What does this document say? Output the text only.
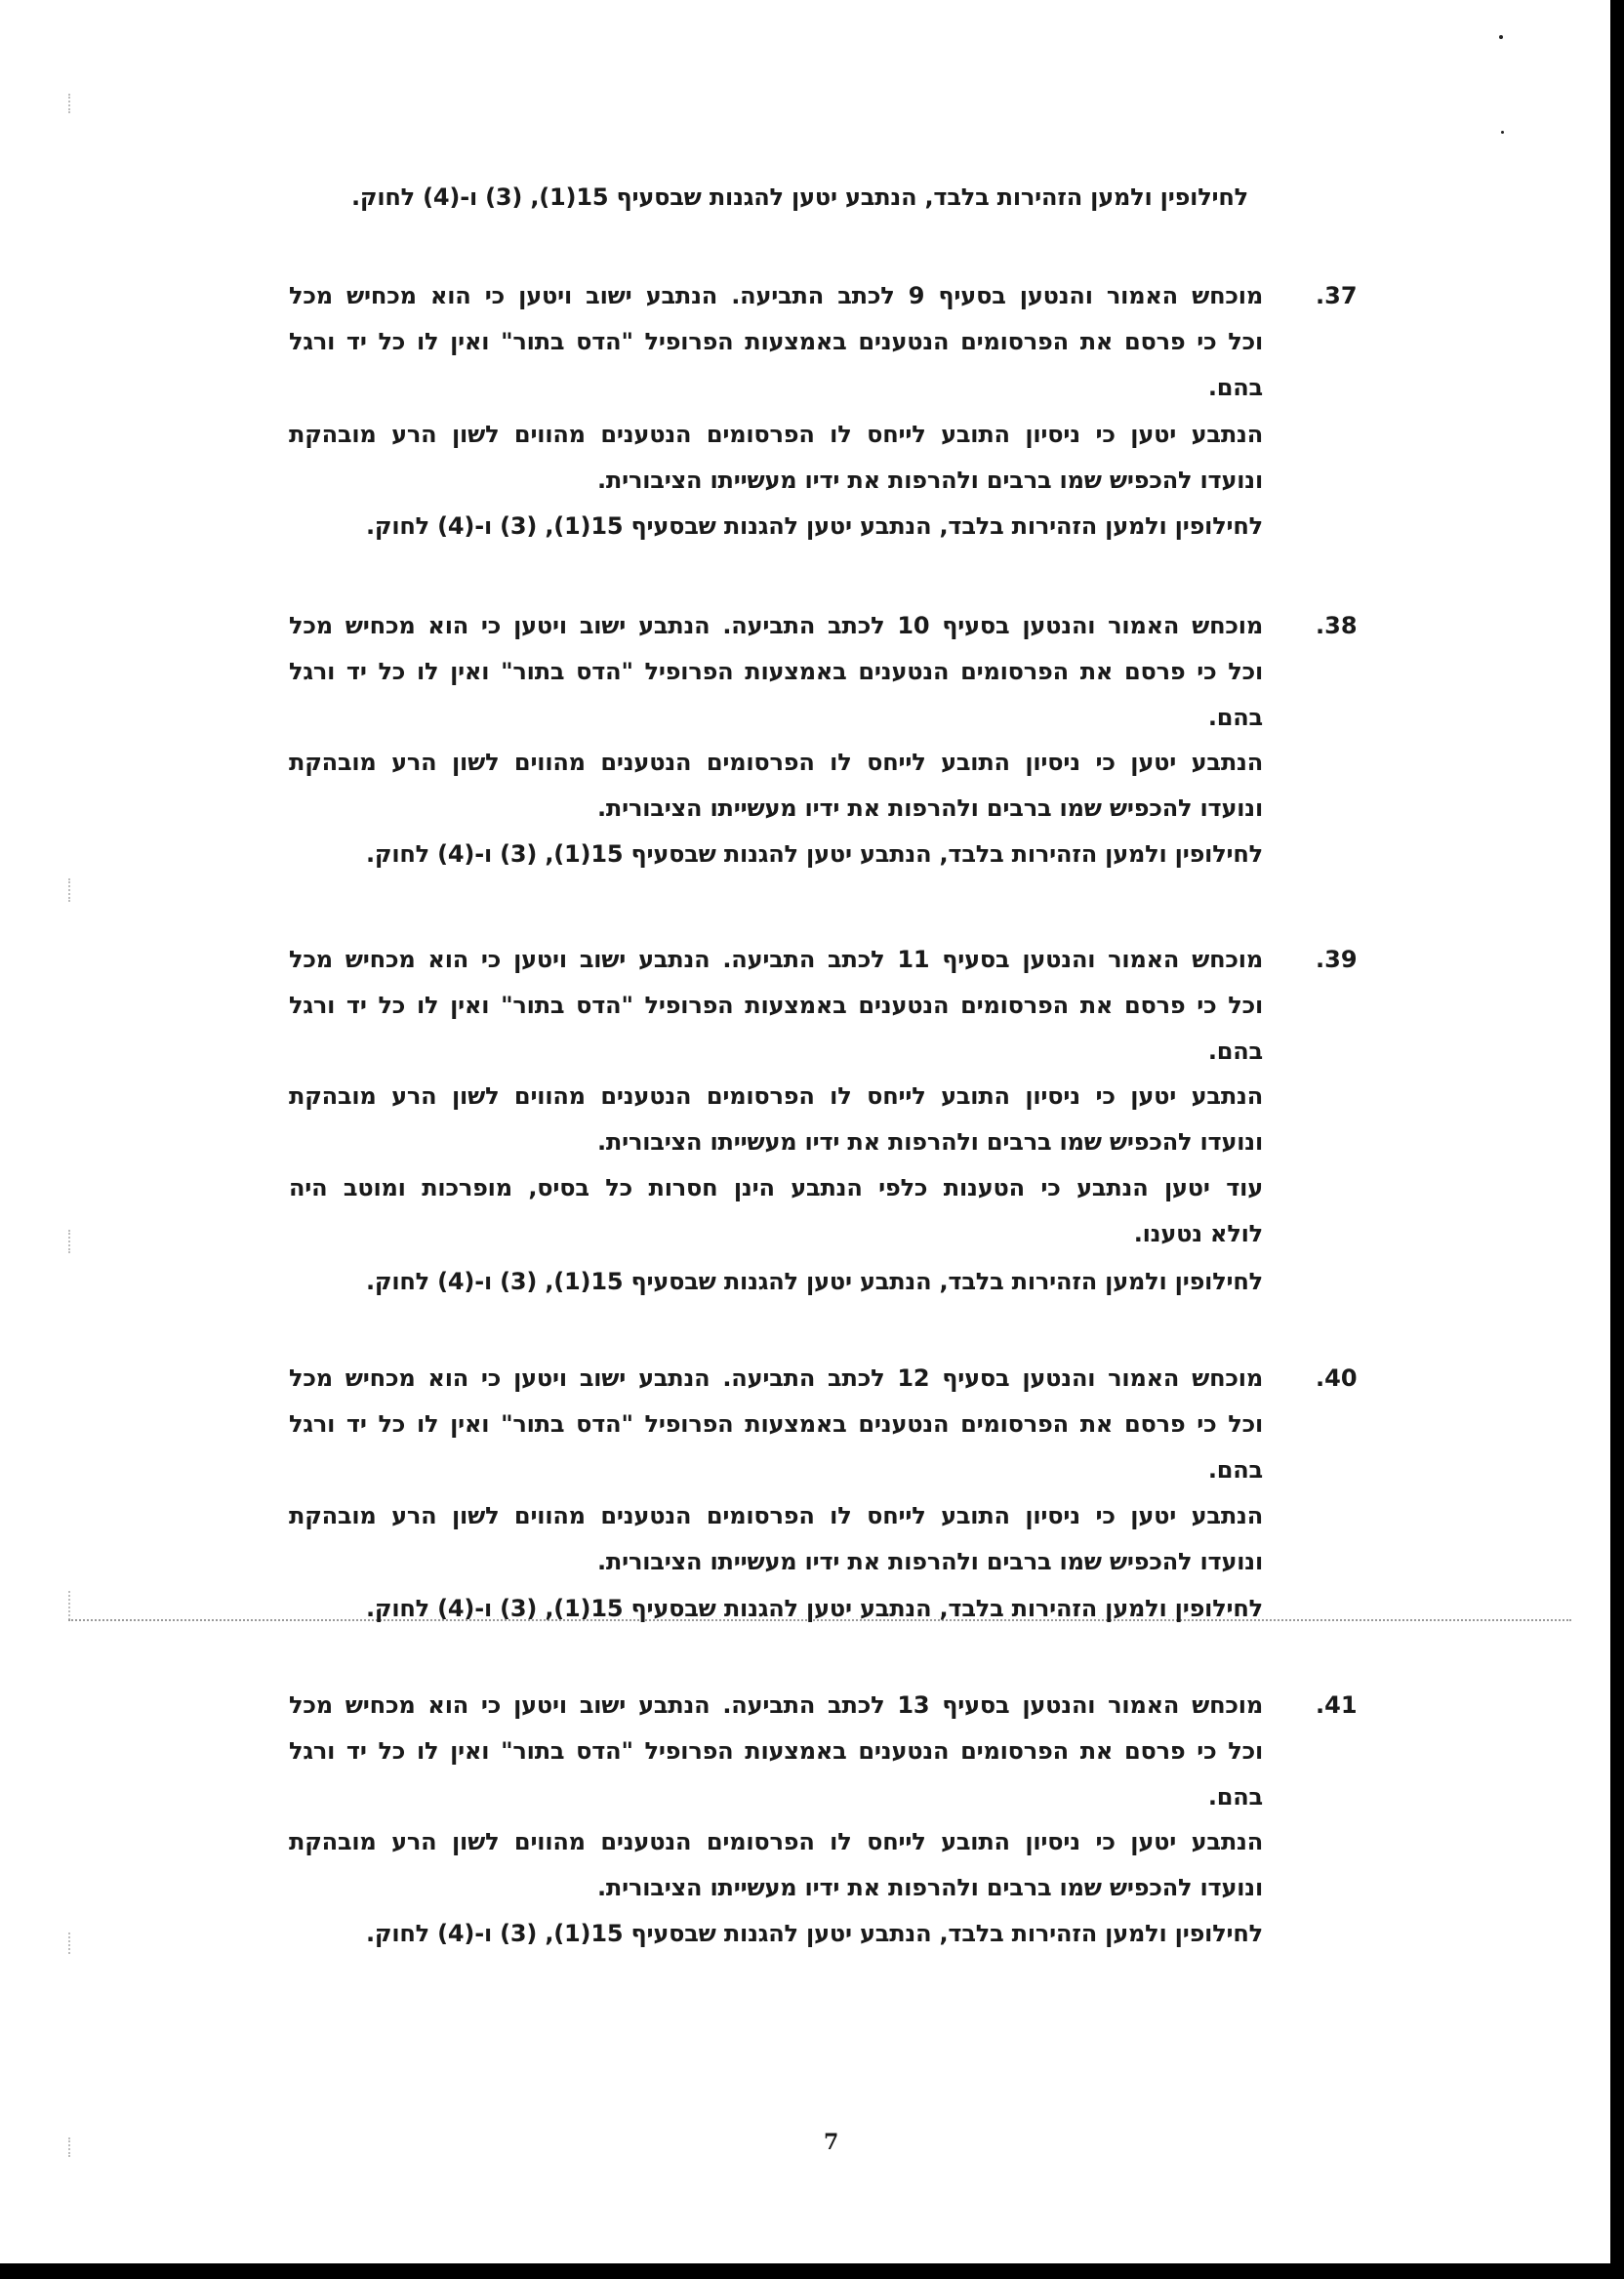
לחילופין ולמען הזהירות בלבד, הנתבע יטען להגנות שבסעיף 15(1), (3) ו-(4) לחוק.
.37
מוכחש האמור והנטען בסעיף 9 לכתב התביעה. הנתבע ישוב ויטען כי הוא מכחיש מכל
וכל כי פרסם את הפרסומים הנטענים באמצעות הפרופיל "הדס בתור" ואין לו כל יד ורגל
בהם.
הנתבע יטען כי ניסיון התובע לייחס לו הפרסומים הנטענים מהווים לשון הרע מובהקת
ונועדו להכפיש שמו ברבים ולהרפות את ידיו מעשייתו הציבורית.
לחילופין ולמען הזהירות בלבד, הנתבע יטען להגנות שבסעיף 15(1), (3) ו-(4) לחוק.
.38
מוכחש האמור והנטען בסעיף 10 לכתב התביעה. הנתבע ישוב ויטען כי הוא מכחיש מכל
וכל כי פרסם את הפרסומים הנטענים באמצעות הפרופיל "הדס בתור" ואין לו כל יד ורגל
בהם.
הנתבע יטען כי ניסיון התובע לייחס לו הפרסומים הנטענים מהווים לשון הרע מובהקת
ונועדו להכפיש שמו ברבים ולהרפות את ידיו מעשייתו הציבורית.
לחילופין ולמען הזהירות בלבד, הנתבע יטען להגנות שבסעיף 15(1), (3) ו-(4) לחוק.
.39
מוכחש האמור והנטען בסעיף 11 לכתב התביעה. הנתבע ישוב ויטען כי הוא מכחיש מכל
וכל כי פרסם את הפרסומים הנטענים באמצעות הפרופיל "הדס בתור" ואין לו כל יד ורגל
בהם.
הנתבע יטען כי ניסיון התובע לייחס לו הפרסומים הנטענים מהווים לשון הרע מובהקת
ונועדו להכפיש שמו ברבים ולהרפות את ידיו מעשייתו הציבורית.
עוד יטען הנתבע כי הטענות כלפי הנתבע הינן חסרות כל בסיס, מופרכות ומוטב היה
לולא נטענו.
לחילופין ולמען הזהירות בלבד, הנתבע יטען להגנות שבסעיף 15(1), (3) ו-(4) לחוק.
.40
מוכחש האמור והנטען בסעיף 12 לכתב התביעה. הנתבע ישוב ויטען כי הוא מכחיש מכל
וכל כי פרסם את הפרסומים הנטענים באמצעות הפרופיל "הדס בתור" ואין לו כל יד ורגל
בהם.
הנתבע יטען כי ניסיון התובע לייחס לו הפרסומים הנטענים מהווים לשון הרע מובהקת
ונועדו להכפיש שמו ברבים ולהרפות את ידיו מעשייתו הציבורית.
לחילופין ולמען הזהירות בלבד, הנתבע יטען להגנות שבסעיף 15(1), (3) ו-(4) לחוק.
.41
מוכחש האמור והנטען בסעיף 13 לכתב התביעה. הנתבע ישוב ויטען כי הוא מכחיש מכל
וכל כי פרסם את הפרסומים הנטענים באמצעות הפרופיל "הדס בתור" ואין לו כל יד ורגל
בהם.
הנתבע יטען כי ניסיון התובע לייחס לו הפרסומים הנטענים מהווים לשון הרע מובהקת
ונועדו להכפיש שמו ברבים ולהרפות את ידיו מעשייתו הציבורית.
לחילופין ולמען הזהירות בלבד, הנתבע יטען להגנות שבסעיף 15(1), (3) ו-(4) לחוק.
7
